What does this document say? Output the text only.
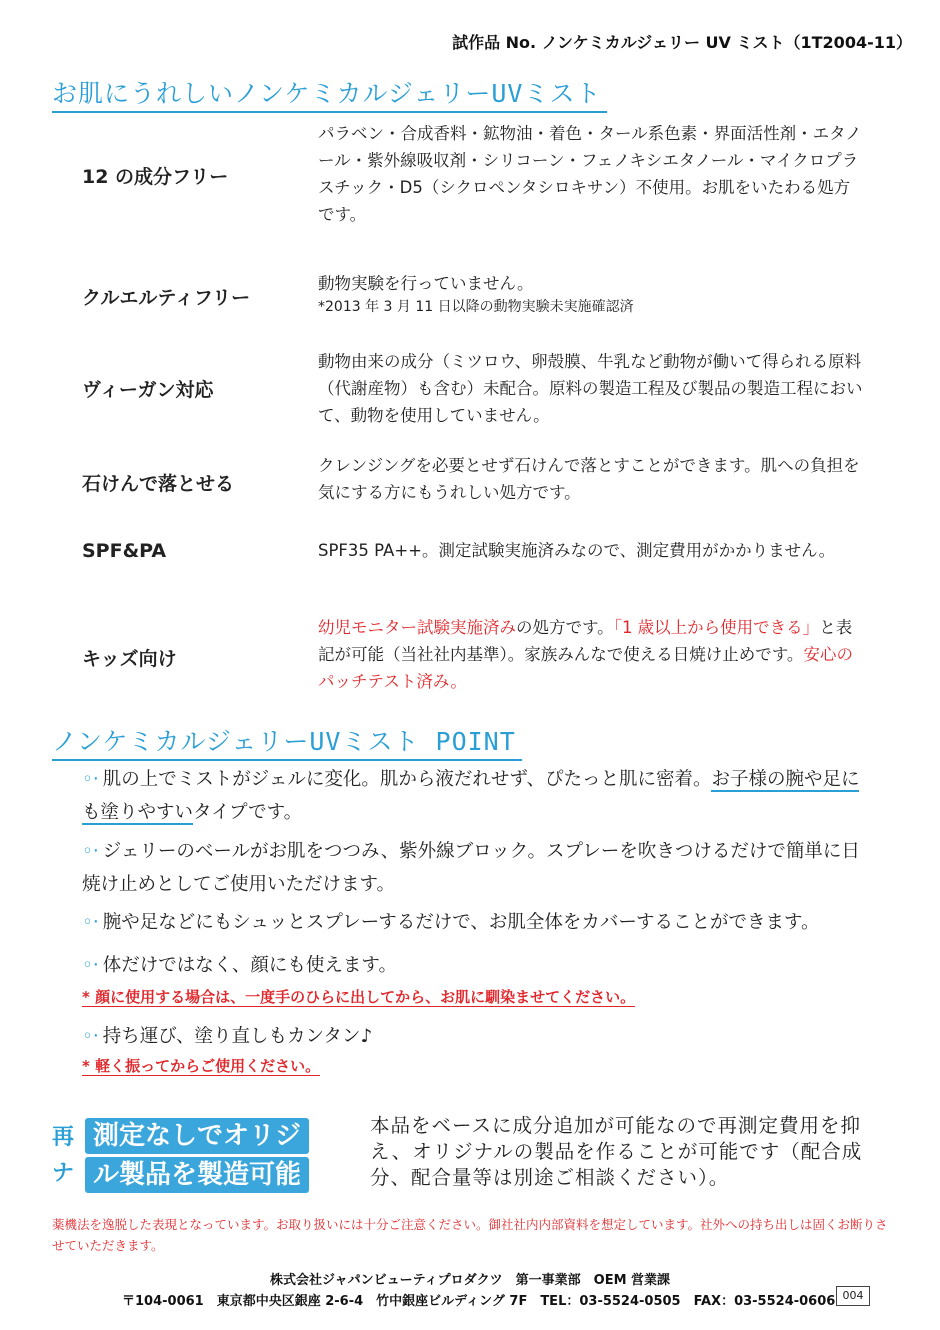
試作品 No. ノンケミカルジェリー UV ミスト（1T2004-11）
お肌にうれしいノンケミカルジェリーUVミスト
12 の成分フリー
パラベン・合成香料・鉱物油・着色・タール系色素・界面活性剤・エタノール・紫外線吸収剤・シリコーン・フェノキシエタノール・マイクロプラスチック・D5（シクロペンタシロキサン）不使用。お肌をいたわる処方です。
クルエルティフリー
動物実験を行っていません。
*2013 年 3 月 11 日以降の動物実験未実施確認済
ヴィーガン対応
動物由来の成分（ミツロウ、卵殻膜、牛乳など動物が働いて得られる原料（代謝産物）も含む）未配合。原料の製造工程及び製品の製造工程において、動物を使用していません。
石けんで落とせる
クレンジングを必要とせず石けんで落とすことができます。肌への負担を気にする方にもうれしい処方です。
SPF&PA	SPF35 PA++。測定試験実施済みなので、測定費用がかかりません。
キッズ向け
幼児モニター試験実施済みの処方です。「1 歳以上から使用できる」と表記が可能（当社社内基準）。家族みんなで使える日焼け止めです。安心のパッチテスト済み。
ノンケミカルジェリーUVミスト POINT
◦· 肌の上でミストがジェルに変化。肌から液だれせず、ぴたっと肌に密着。お子様の腕や足にも塗りやすいタイプです。
◦· ジェリーのベールがお肌をつつみ、紫外線ブロック。スプレーを吹きつけるだけで簡単に日焼け止めとしてご使用いただけます。
◦· 腕や足などにもシュッとスプレーするだけで、お肌全体をカバーすることができます。
◦· 体だけではなく、顔にも使えます。
* 顔に使用する場合は、一度手のひらに出してから、お肌に馴染ませてください。
◦· 持ち運び、塗り直しもカンタン♪
* 軽く振ってからご使用ください。
再
ナ
測定なしでオリジ
ル製品を製造可能
本品をベースに成分追加が可能なので再測定費用を抑え、オリジナルの製品を作ることが可能です（配合成分、配合量等は別途ご相談ください）。
薬機法を逸脱した表現となっています。お取り扱いには十分ご注意ください。御社社内内部資料を想定しています。社外への持ち出しは固くお断りさせていただきます。
株式会社ジャパンビューティプロダクツ　第一事業部　OEM 営業課
〒104-0061　東京都中央区銀座 2-6-4　竹中銀座ビルディング 7F　TEL：03-5524-0505　FAX：03-5524-0606 004
